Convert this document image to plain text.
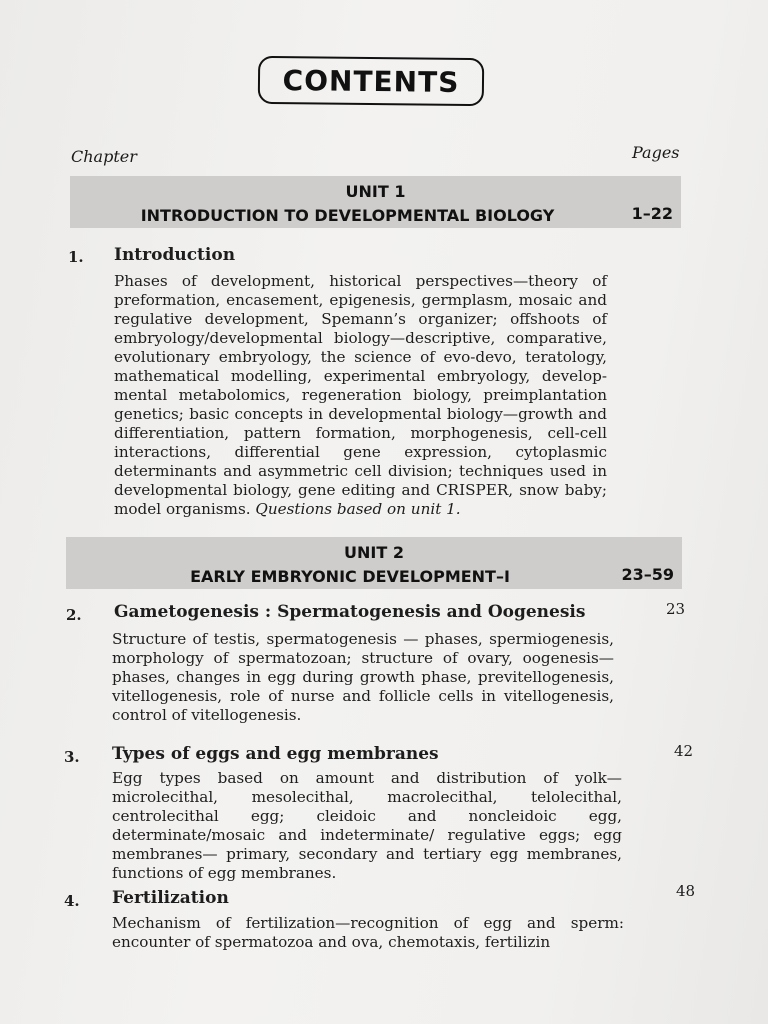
CONTENTS
Chapter	Pages
UNIT 1
INTRODUCTION TO DEVELOPMENTAL BIOLOGY	1–22
1. Introduction
Phases of development, historical perspectives—theory of preformation, encasement, epigenesis, germplasm, mosaic and regulative development, Spemann’s organizer; offshoots of embryology/developmental biology—descriptive, comparative, evolutionary embryology, the science of evo-devo, teratology, mathematical modelling, experimental embryology, develop-mental metabolomics, regeneration biology, preimplantation genetics; basic concepts in developmental biology—growth and differentiation, pattern formation, morphogenesis, cell-cell interactions, differential gene expression, cytoplasmic determinants and asymmetric cell division; techniques used in developmental biology, gene editing and CRISPER, snow baby; model organisms. Questions based on unit 1.
UNIT 2
EARLY EMBRYONIC DEVELOPMENT–I	23–59
2. Gametogenesis : Spermatogenesis and Oogenesis	23
Structure of testis, spermatogenesis — phases, spermiogenesis, morphology of spermatozoan; structure of ovary, oogenesis—phases, changes in egg during growth phase, previtellogenesis, vitellogenesis, role of nurse and follicle cells in vitellogenesis, control of vitellogenesis.
3. Types of eggs and egg membranes	42
Egg types based on amount and distribution of yolk— microlecithal, mesolecithal, macrolecithal, telolecithal, centrolecithal egg; cleidoic and noncleidoic egg, determinate/mosaic and indeterminate/ regulative eggs; egg membranes— primary, secondary and tertiary egg membranes, functions of egg membranes.
4. Fertilization	48
Mechanism of fertilization—recognition of egg and sperm: encounter of spermatozoa and ova, chemotaxis, fertilizin
